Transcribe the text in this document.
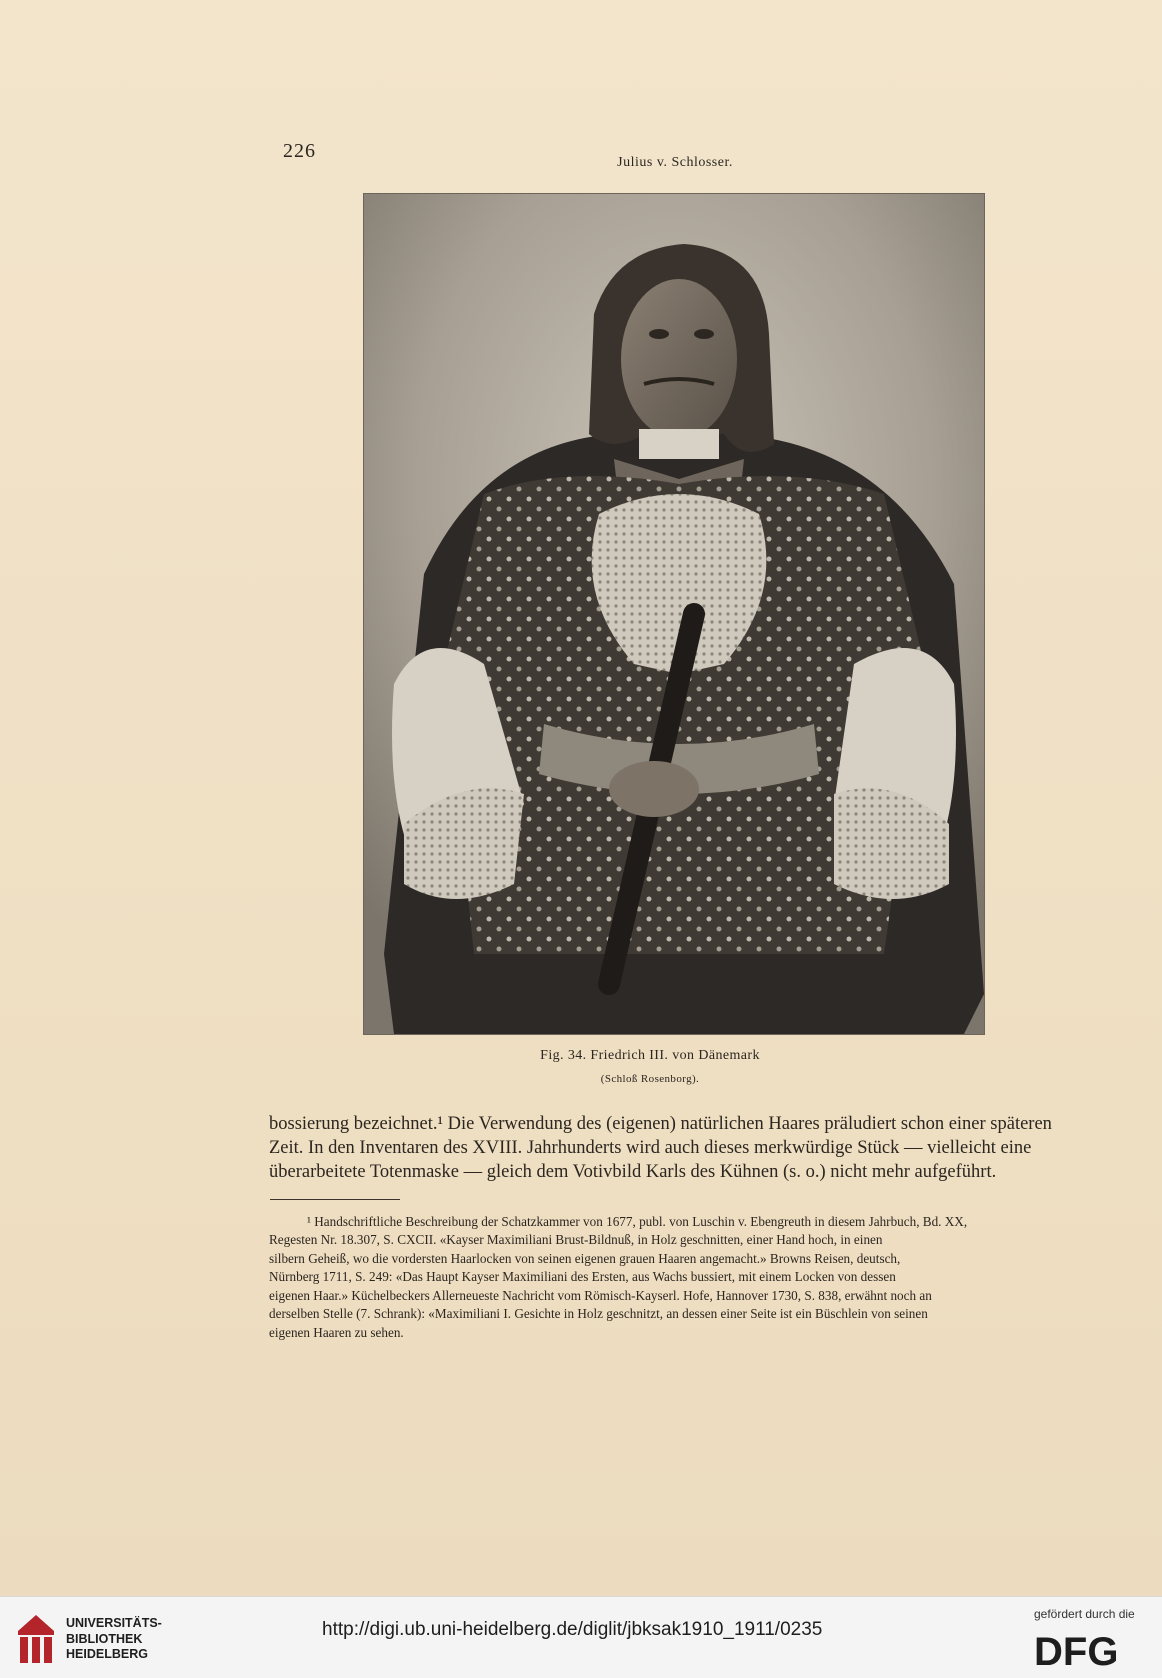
226
Julius v. Schlosser.
Fig. 34. Friedrich III. von Dänemark
(Schloß Rosenborg).
bossierung bezeichnet.¹ Die Verwendung des (eigenen) natürlichen Haares präludiert schon einer späteren
Zeit. In den Inventaren des XVIII. Jahrhunderts wird auch dieses merkwürdige Stück — vielleicht eine
überarbeitete Totenmaske — gleich dem Votivbild Karls des Kühnen (s. o.) nicht mehr aufgeführt.
¹ Handschriftliche Beschreibung der Schatzkammer von 1677, publ. von Luschin v. Ebengreuth in diesem Jahrbuch, Bd. XX,
Regesten Nr. 18.307, S. CXCII. «Kayser Maximiliani Brust-Bildnuß, in Holz geschnitten, einer Hand hoch, in einen
silbern Geheiß, wo die vordersten Haarlocken von seinen eigenen grauen Haaren angemacht.» Browns Reisen, deutsch,
Nürnberg 1711, S. 249: «Das Haupt Kayser Maximiliani des Ersten, aus Wachs bussiert, mit einem Locken von dessen
eigenen Haar.» Küchelbeckers Allerneueste Nachricht vom Römisch-Kayserl. Hofe, Hannover 1730, S. 838, erwähnt noch an
derselben Stelle (7. Schrank): «Maximiliani I. Gesichte in Holz geschnitzt, an dessen einer Seite ist ein Büschlein von seinen
eigenen Haaren zu sehen.
UNIVERSITÄTS-
BIBLIOTHEK
HEIDELBERG
http://digi.ub.uni-heidelberg.de/diglit/jbksak1910_1911/0235
gefördert durch die
DFG
